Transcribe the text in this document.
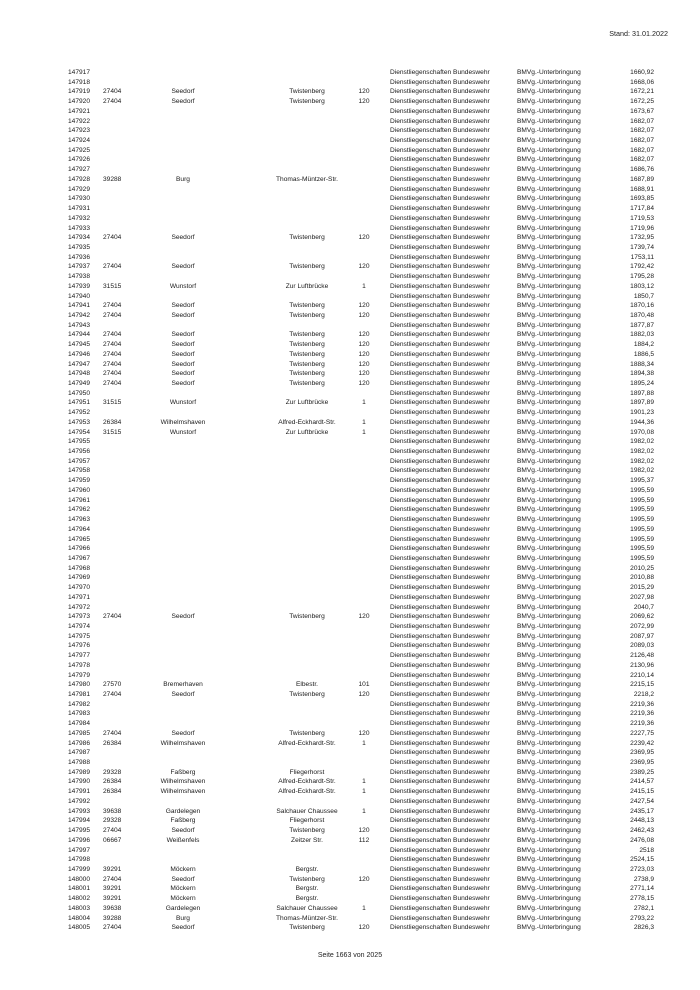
Stand: 31.01.2022
147917	Dienstliegenschaften Bundeswehr	BMVg.-Unterbringung	1660,92
147918	Dienstliegenschaften Bundeswehr	BMVg.-Unterbringung	1668,06
147919 27404	Seedorf	Twistenberg	120	Dienstliegenschaften Bundeswehr	BMVg.-Unterbringung	1672,21
147920 27404	Seedorf	Twistenberg	120	Dienstliegenschaften Bundeswehr	BMVg.-Unterbringung	1672,25
147921	Dienstliegenschaften Bundeswehr	BMVg.-Unterbringung	1673,67
147922	Dienstliegenschaften Bundeswehr	BMVg.-Unterbringung	1682,07
147923	Dienstliegenschaften Bundeswehr	BMVg.-Unterbringung	1682,07
147924	Dienstliegenschaften Bundeswehr	BMVg.-Unterbringung	1682,07
147925	Dienstliegenschaften Bundeswehr	BMVg.-Unterbringung	1682,07
147926	Dienstliegenschaften Bundeswehr	BMVg.-Unterbringung	1682,07
147927	Dienstliegenschaften Bundeswehr	BMVg.-Unterbringung	1686,76
147928 39288	Burg	Thomas-Müntzer-Str.	Dienstliegenschaften Bundeswehr	BMVg.-Unterbringung	1687,89
147929	Dienstliegenschaften Bundeswehr	BMVg.-Unterbringung	1688,91
147930	Dienstliegenschaften Bundeswehr	BMVg.-Unterbringung	1693,85
147931	Dienstliegenschaften Bundeswehr	BMVg.-Unterbringung	1717,84
147932	Dienstliegenschaften Bundeswehr	BMVg.-Unterbringung	1719,53
147933	Dienstliegenschaften Bundeswehr	BMVg.-Unterbringung	1719,96
147934 27404	Seedorf	Twistenberg	120	Dienstliegenschaften Bundeswehr	BMVg.-Unterbringung	1732,95
147935	Dienstliegenschaften Bundeswehr	BMVg.-Unterbringung	1739,74
147936	Dienstliegenschaften Bundeswehr	BMVg.-Unterbringung	1753,11
147937 27404	Seedorf	Twistenberg	120	Dienstliegenschaften Bundeswehr	BMVg.-Unterbringung	1792,42
147938	Dienstliegenschaften Bundeswehr	BMVg.-Unterbringung	1795,28
147939 31515	Wunstorf	Zur Luftbrücke	1	Dienstliegenschaften Bundeswehr	BMVg.-Unterbringung	1803,12
147940	Dienstliegenschaften Bundeswehr	BMVg.-Unterbringung	1850,7
147941 27404	Seedorf	Twistenberg	120	Dienstliegenschaften Bundeswehr	BMVg.-Unterbringung	1870,16
147942 27404	Seedorf	Twistenberg	120	Dienstliegenschaften Bundeswehr	BMVg.-Unterbringung	1870,48
147943	Dienstliegenschaften Bundeswehr	BMVg.-Unterbringung	1877,87
147944 27404	Seedorf	Twistenberg	120	Dienstliegenschaften Bundeswehr	BMVg.-Unterbringung	1882,03
147945 27404	Seedorf	Twistenberg	120	Dienstliegenschaften Bundeswehr	BMVg.-Unterbringung	1884,2
147946 27404	Seedorf	Twistenberg	120	Dienstliegenschaften Bundeswehr	BMVg.-Unterbringung	1886,5
147947 27404	Seedorf	Twistenberg	120	Dienstliegenschaften Bundeswehr	BMVg.-Unterbringung	1888,34
147948 27404	Seedorf	Twistenberg	120	Dienstliegenschaften Bundeswehr	BMVg.-Unterbringung	1894,38
147949 27404	Seedorf	Twistenberg	120	Dienstliegenschaften Bundeswehr	BMVg.-Unterbringung	1895,24
147950	Dienstliegenschaften Bundeswehr	BMVg.-Unterbringung	1897,88
147951 31515	Wunstorf	Zur Luftbrücke	1	Dienstliegenschaften Bundeswehr	BMVg.-Unterbringung	1897,89
147952	Dienstliegenschaften Bundeswehr	BMVg.-Unterbringung	1901,23
147953 26384	Wilhelmshaven	Alfred-Eckhardt-Str.	1	Dienstliegenschaften Bundeswehr	BMVg.-Unterbringung	1944,36
147954 31515	Wunstorf	Zur Luftbrücke	1	Dienstliegenschaften Bundeswehr	BMVg.-Unterbringung	1970,08
147955	Dienstliegenschaften Bundeswehr	BMVg.-Unterbringung	1982,02
147956	Dienstliegenschaften Bundeswehr	BMVg.-Unterbringung	1982,02
147957	Dienstliegenschaften Bundeswehr	BMVg.-Unterbringung	1982,02
147958	Dienstliegenschaften Bundeswehr	BMVg.-Unterbringung	1982,02
147959	Dienstliegenschaften Bundeswehr	BMVg.-Unterbringung	1995,37
147960	Dienstliegenschaften Bundeswehr	BMVg.-Unterbringung	1995,59
147961	Dienstliegenschaften Bundeswehr	BMVg.-Unterbringung	1995,59
147962	Dienstliegenschaften Bundeswehr	BMVg.-Unterbringung	1995,59
147963	Dienstliegenschaften Bundeswehr	BMVg.-Unterbringung	1995,59
147964	Dienstliegenschaften Bundeswehr	BMVg.-Unterbringung	1995,59
147965	Dienstliegenschaften Bundeswehr	BMVg.-Unterbringung	1995,59
147966	Dienstliegenschaften Bundeswehr	BMVg.-Unterbringung	1995,59
147967	Dienstliegenschaften Bundeswehr	BMVg.-Unterbringung	1995,59
147968	Dienstliegenschaften Bundeswehr	BMVg.-Unterbringung	2010,25
147969	Dienstliegenschaften Bundeswehr	BMVg.-Unterbringung	2010,88
147970	Dienstliegenschaften Bundeswehr	BMVg.-Unterbringung	2015,29
147971	Dienstliegenschaften Bundeswehr	BMVg.-Unterbringung	2027,98
147972	Dienstliegenschaften Bundeswehr	BMVg.-Unterbringung	2040,7
147973 27404	Seedorf	Twistenberg	120	Dienstliegenschaften Bundeswehr	BMVg.-Unterbringung	2069,62
147974	Dienstliegenschaften Bundeswehr	BMVg.-Unterbringung	2072,99
147975	Dienstliegenschaften Bundeswehr	BMVg.-Unterbringung	2087,97
147976	Dienstliegenschaften Bundeswehr	BMVg.-Unterbringung	2089,03
147977	Dienstliegenschaften Bundeswehr	BMVg.-Unterbringung	2126,48
147978	Dienstliegenschaften Bundeswehr	BMVg.-Unterbringung	2130,96
147979	Dienstliegenschaften Bundeswehr	BMVg.-Unterbringung	2210,14
147980 27570	Bremerhaven	Elbestr.	101	Dienstliegenschaften Bundeswehr	BMVg.-Unterbringung	2215,15
147981 27404	Seedorf	Twistenberg	120	Dienstliegenschaften Bundeswehr	BMVg.-Unterbringung	2218,2
147982	Dienstliegenschaften Bundeswehr	BMVg.-Unterbringung	2219,36
147983	Dienstliegenschaften Bundeswehr	BMVg.-Unterbringung	2219,36
147984	Dienstliegenschaften Bundeswehr	BMVg.-Unterbringung	2219,36
147985 27404	Seedorf	Twistenberg	120	Dienstliegenschaften Bundeswehr	BMVg.-Unterbringung	2227,75
147986 26384	Wilhelmshaven	Alfred-Eckhardt-Str.	1	Dienstliegenschaften Bundeswehr	BMVg.-Unterbringung	2239,42
147987	Dienstliegenschaften Bundeswehr	BMVg.-Unterbringung	2369,95
147988	Dienstliegenschaften Bundeswehr	BMVg.-Unterbringung	2369,95
147989 29328	Faßberg	Fliegerhorst	Dienstliegenschaften Bundeswehr	BMVg.-Unterbringung	2389,25
147990 26384	Wilhelmshaven	Alfred-Eckhardt-Str.	1	Dienstliegenschaften Bundeswehr	BMVg.-Unterbringung	2414,57
147991 26384	Wilhelmshaven	Alfred-Eckhardt-Str.	1	Dienstliegenschaften Bundeswehr	BMVg.-Unterbringung	2415,15
147992	Dienstliegenschaften Bundeswehr	BMVg.-Unterbringung	2427,54
147993 39638	Gardelegen	Salchauer Chaussee	1	Dienstliegenschaften Bundeswehr	BMVg.-Unterbringung	2435,17
147994 29328	Faßberg	Fliegerhorst	Dienstliegenschaften Bundeswehr	BMVg.-Unterbringung	2448,13
147995 27404	Seedorf	Twistenberg	120	Dienstliegenschaften Bundeswehr	BMVg.-Unterbringung	2462,43
147996 06667	Weißenfels	Zeitzer Str.	112	Dienstliegenschaften Bundeswehr	BMVg.-Unterbringung	2476,08
147997	Dienstliegenschaften Bundeswehr	BMVg.-Unterbringung	2518
147998	Dienstliegenschaften Bundeswehr	BMVg.-Unterbringung	2524,15
147999 39291	Möckern	Bergstr.	Dienstliegenschaften Bundeswehr	BMVg.-Unterbringung	2723,03
148000 27404	Seedorf	Twistenberg	120	Dienstliegenschaften Bundeswehr	BMVg.-Unterbringung	2738,9
148001 39291	Möckern	Bergstr.	Dienstliegenschaften Bundeswehr	BMVg.-Unterbringung	2771,14
148002 39291	Möckern	Bergstr.	Dienstliegenschaften Bundeswehr	BMVg.-Unterbringung	2778,15
148003 39638	Gardelegen	Salchauer Chaussee	1	Dienstliegenschaften Bundeswehr	BMVg.-Unterbringung	2782,1
148004 39288	Burg	Thomas-Müntzer-Str.	Dienstliegenschaften Bundeswehr	BMVg.-Unterbringung	2793,22
148005 27404	Seedorf	Twistenberg	120	Dienstliegenschaften Bundeswehr	BMVg.-Unterbringung	2826,3
Seite 1663 von 2025
